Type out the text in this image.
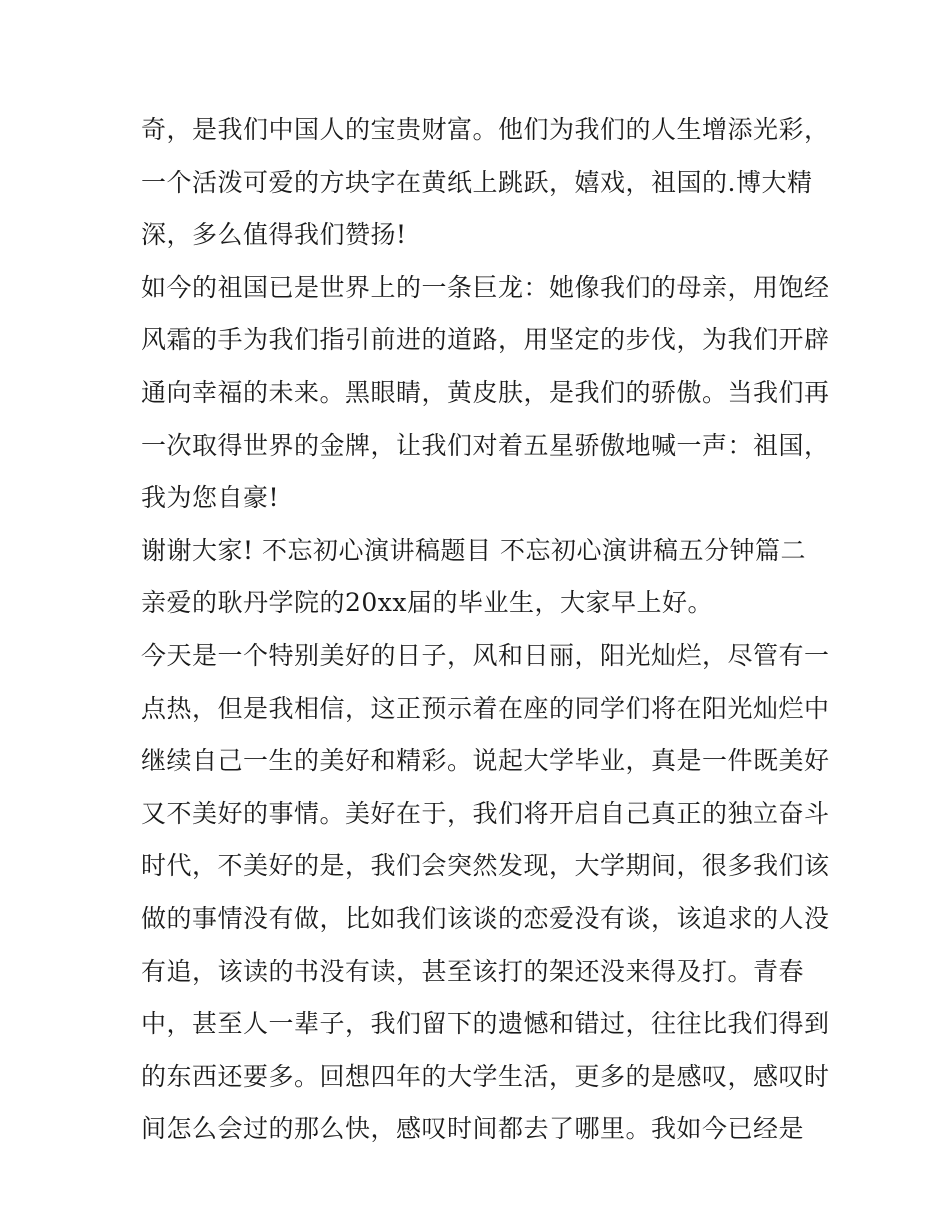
奇，是我们中国人的宝贵财富。他们为我们的人生增添光彩，
一个活泼可爱的方块字在黄纸上跳跃，嬉戏，祖国的.博大精
深，多么值得我们赞扬!
如今的祖国已是世界上的一条巨龙：她像我们的母亲，用饱经
风霜的手为我们指引前进的道路，用坚定的步伐，为我们开辟
通向幸福的未来。黑眼睛，黄皮肤，是我们的骄傲。当我们再
一次取得世界的金牌，让我们对着五星骄傲地喊一声：祖国，
我为您自豪!
谢谢大家! 不忘初心演讲稿题目 不忘初心演讲稿五分钟篇二
亲爱的耿丹学院的20xx届的毕业生，大家早上好。
今天是一个特别美好的日子，风和日丽，阳光灿烂，尽管有一
点热，但是我相信，这正预示着在座的同学们将在阳光灿烂中
继续自己一生的美好和精彩。说起大学毕业，真是一件既美好
又不美好的事情。美好在于，我们将开启自己真正的独立奋斗
时代，不美好的是，我们会突然发现，大学期间，很多我们该
做的事情没有做，比如我们该谈的恋爱没有谈，该追求的人没
有追，该读的书没有读，甚至该打的架还没来得及打。青春
中，甚至人一辈子，我们留下的遗憾和错过，往往比我们得到
的东西还要多。回想四年的大学生活，更多的是感叹，感叹时
间怎么会过的那么快，感叹时间都去了哪里。我如今已经是
